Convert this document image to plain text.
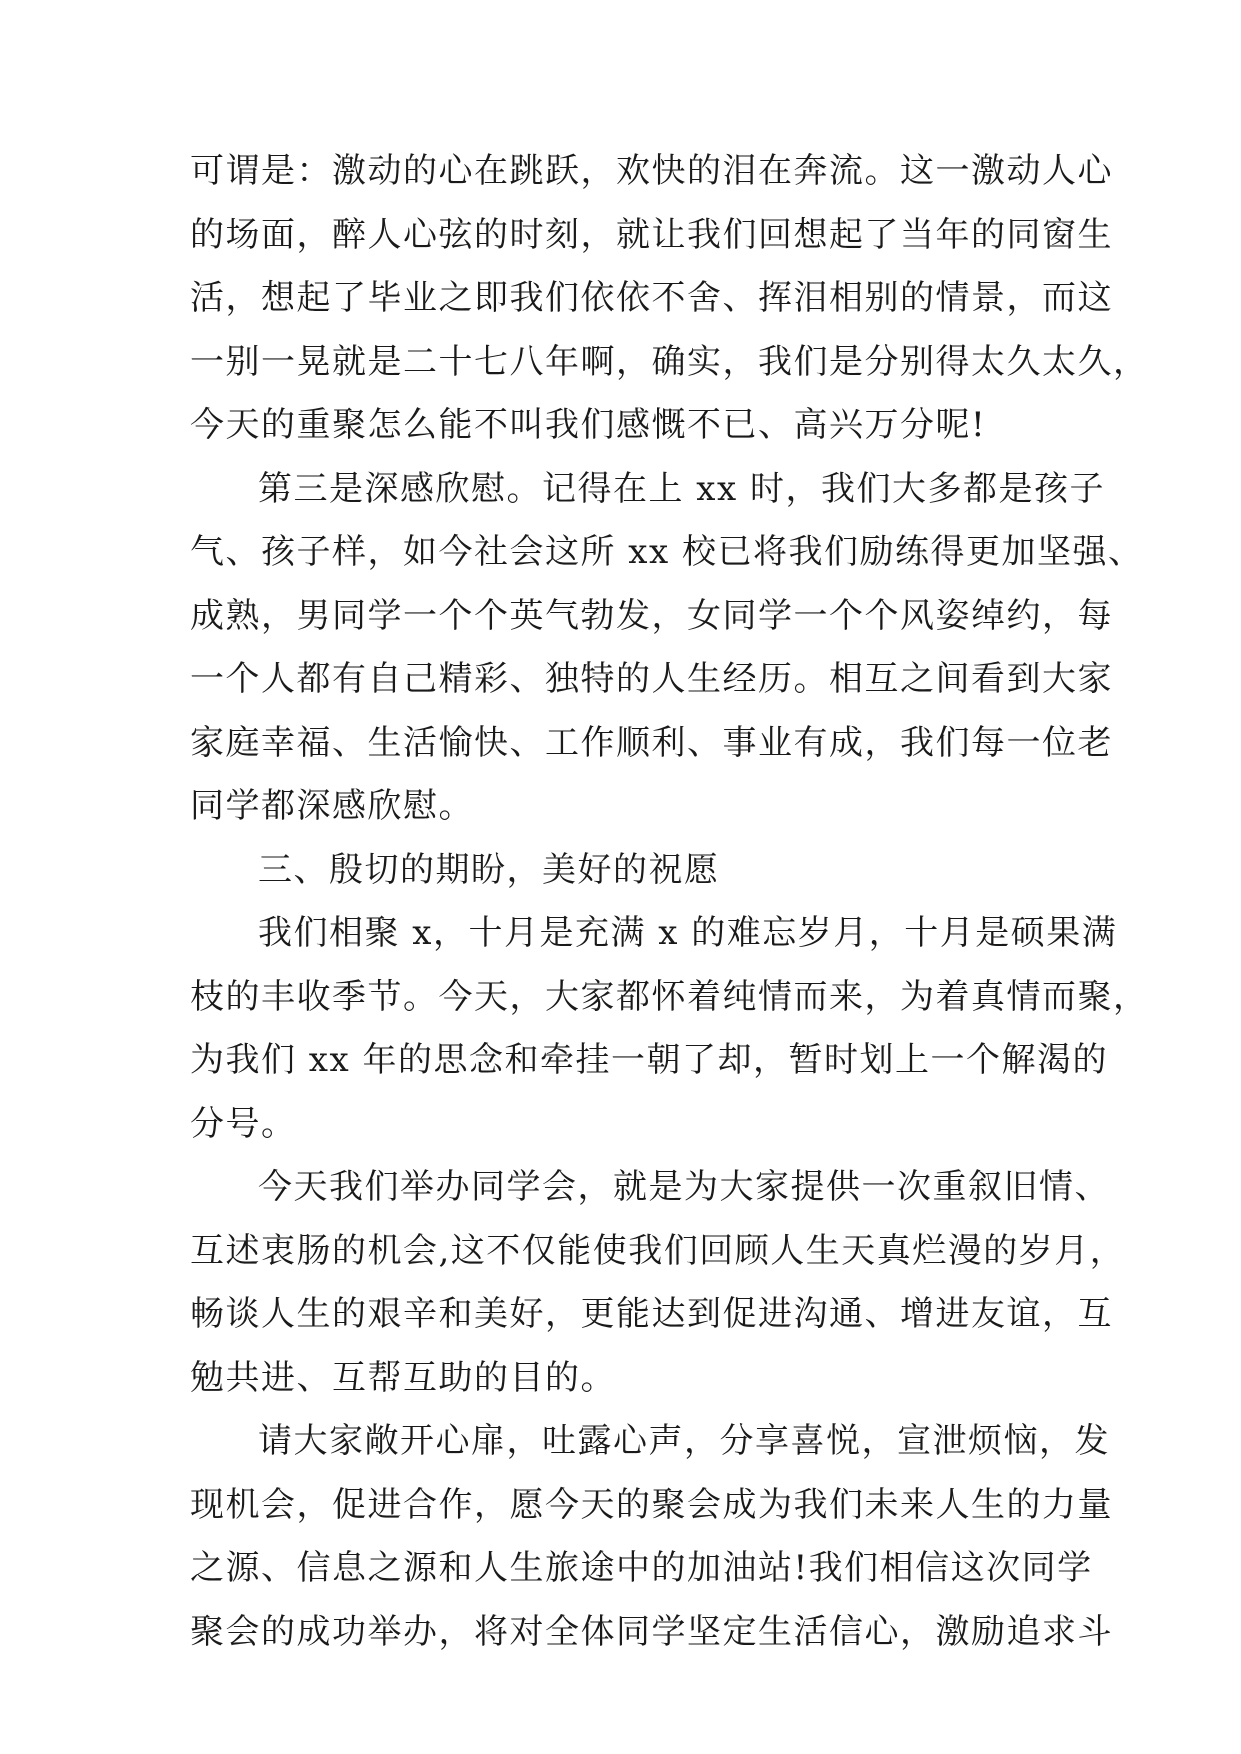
可谓是：激动的心在跳跃，欢快的泪在奔流。这一激动人心
的场面，醉人心弦的时刻，就让我们回想起了当年的同窗生
活，想起了毕业之即我们依依不舍、挥泪相别的情景，而这
一别一晃就是二十七八年啊，确实，我们是分别得太久太久，
今天的重聚怎么能不叫我们感慨不已、高兴万分呢!
第三是深感欣慰。记得在上 xx 时，我们大多都是孩子
气、孩子样，如今社会这所 xx 校已将我们励练得更加坚强、
成熟，男同学一个个英气勃发，女同学一个个风姿绰约，每
一个人都有自己精彩、独特的人生经历。相互之间看到大家
家庭幸福、生活愉快、工作顺利、事业有成，我们每一位老
同学都深感欣慰。
三、殷切的期盼，美好的祝愿
我们相聚 x，十月是充满 x 的难忘岁月，十月是硕果满
枝的丰收季节。今天，大家都怀着纯情而来，为着真情而聚，
为我们 xx 年的思念和牵挂一朝了却，暂时划上一个解渴的
分号。
今天我们举办同学会，就是为大家提供一次重叙旧情、
互述衷肠的机会,这不仅能使我们回顾人生天真烂漫的岁月，
畅谈人生的艰辛和美好，更能达到促进沟通、增进友谊，互
勉共进、互帮互助的目的。
请大家敞开心扉，吐露心声，分享喜悦，宣泄烦恼，发
现机会，促进合作，愿今天的聚会成为我们未来人生的力量
之源、信息之源和人生旅途中的加油站!我们相信这次同学
聚会的成功举办，将对全体同学坚定生活信心，激励追求斗
